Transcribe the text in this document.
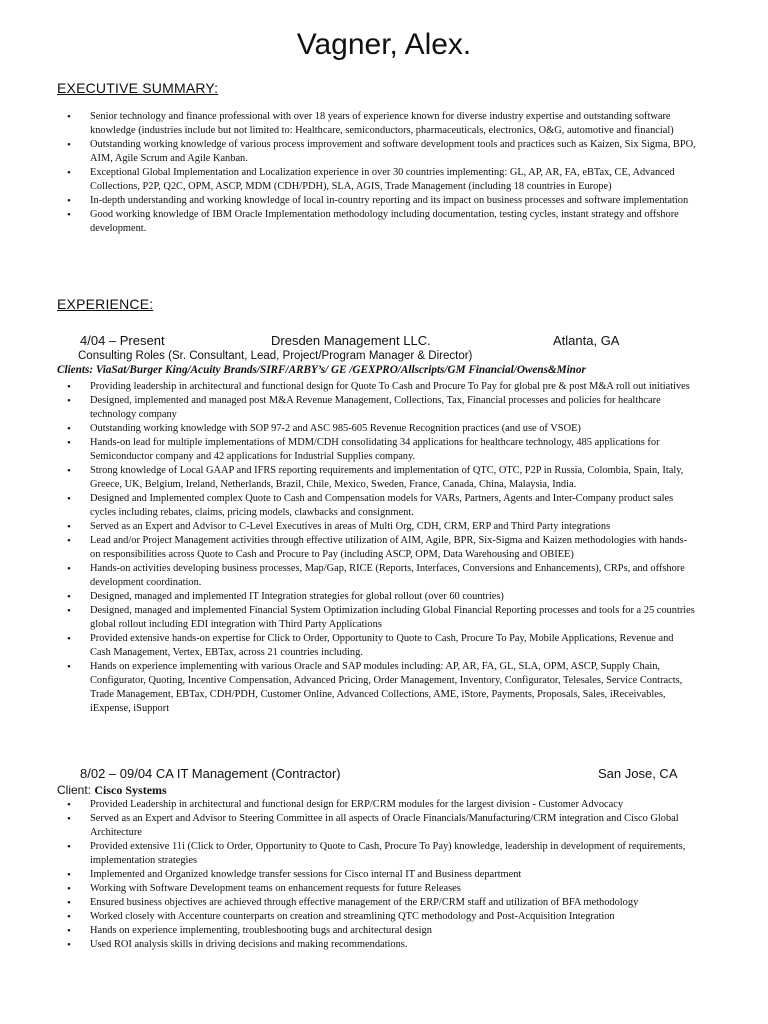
Vagner, Alex.
EXECUTIVE SUMMARY:
• Senior technology and finance professional with over 18 years of experience known for diverse industry expertise and outstanding software knowledge (industries include but not limited to: Healthcare, semiconductors, pharmaceuticals, electronics, O&G, automotive and financial)
• Outstanding working knowledge of various process improvement and software development tools and practices such as Kaizen, Six Sigma, BPO, AIM, Agile Scrum and Agile Kanban.
• Exceptional Global Implementation and Localization experience in over 30 countries implementing: GL, AP, AR, FA, eBTax, CE, Advanced Collections, P2P, Q2C, OPM, ASCP, MDM (CDH/PDH), SLA, AGIS, Trade Management (including 18 countries in Europe)
• In-depth understanding and working knowledge of local in-country reporting and its impact on business processes and software implementation
• Good working knowledge of IBM Oracle Implementation methodology including documentation, testing cycles, instant strategy and offshore development.
EXPERIENCE:
4/04 – Present	Dresden Management LLC.	Atlanta, GA
Consulting Roles (Sr. Consultant, Lead, Project/Program Manager & Director)
Clients: ViaSat/Burger King/Acuity Brands/SIRF/ARBY’s/ GE /GEXPRO/Allscripts/GM Financial/Owens&Minor
• Providing leadership in architectural and functional design for Quote To Cash and Procure To Pay for global pre & post M&A roll out initiatives
• Designed, implemented and managed post M&A Revenue Management, Collections, Tax, Financial processes and policies for healthcare technology company
• Outstanding working knowledge with SOP 97-2 and ASC 985-605 Revenue Recognition practices (and use of VSOE)
• Hands-on lead for multiple implementations of MDM/CDH consolidating 34 applications for healthcare technology, 485 applications for Semiconductor company and 42 applications for Industrial Supplies company.
• Strong knowledge of Local GAAP and IFRS reporting requirements and implementation of QTC, OTC, P2P in Russia, Colombia, Spain, Italy, Greece, UK, Belgium, Ireland, Netherlands, Brazil, Chile, Mexico, Sweden, France, Canada, China, Malaysia, India.
• Designed and Implemented complex Quote to Cash and Compensation models for VARs, Partners, Agents and Inter-Company product sales cycles including rebates, claims, pricing models, clawbacks and consignment.
• Served as an Expert and Advisor to C-Level Executives in areas of Multi Org, CDH, CRM, ERP and Third Party integrations
• Lead and/or Project Management activities through effective utilization of AIM, Agile, BPR, Six-Sigma and Kaizen methodologies with hands-on responsibilities across Quote to Cash and Procure to Pay (including ASCP, OPM, Data Warehousing and OBIEE)
• Hands-on activities developing business processes, Map/Gap, RICE (Reports, Interfaces, Conversions and Enhancements), CRPs, and offshore development coordination.
• Designed, managed and implemented IT Integration strategies for global rollout (over 60 countries)
• Designed, managed and implemented Financial System Optimization including Global Financial Reporting processes and tools for a 25 countries global rollout including EDI integration with Third Party Applications
• Provided extensive hands-on expertise for Click to Order, Opportunity to Quote to Cash, Procure To Pay, Mobile Applications, Revenue and Cash Management, Vertex, EBTax, across 21 countries including.
• Hands on experience implementing with various Oracle and SAP modules including: AP, AR, FA, GL, SLA, OPM, ASCP, Supply Chain, Configurator, Quoting, Incentive Compensation, Advanced Pricing, Order Management, Inventory, Configurator, Telesales, Service Contracts, Trade Management, EBTax, CDH/PDH, Customer Online, Advanced Collections, AME, iStore, Payments, Proposals, Sales, iReceivables, iExpense, iSupport
8/02 – 09/04 CA IT Management (Contractor)	San Jose, CA
Client: Cisco Systems
• Provided Leadership in architectural and functional design for ERP/CRM modules for the largest division - Customer Advocacy
• Served as an Expert and Advisor to Steering Committee in all aspects of Oracle Financials/Manufacturing/CRM integration and Cisco Global Architecture
• Provided extensive 11i (Click to Order, Opportunity to Quote to Cash, Procure To Pay) knowledge, leadership in development of requirements, implementation strategies
• Implemented and Organized knowledge transfer sessions for Cisco internal IT and Business department
• Working with Software Development teams on enhancement requests for future Releases
• Ensured business objectives are achieved through effective management of the ERP/CRM staff and utilization of BFA methodology
• Worked closely with Accenture counterparts on creation and streamlining QTC methodology and Post-Acquisition Integration
• Hands on experience implementing, troubleshooting bugs and architectural design
• Used ROI analysis skills in driving decisions and making recommendations.
